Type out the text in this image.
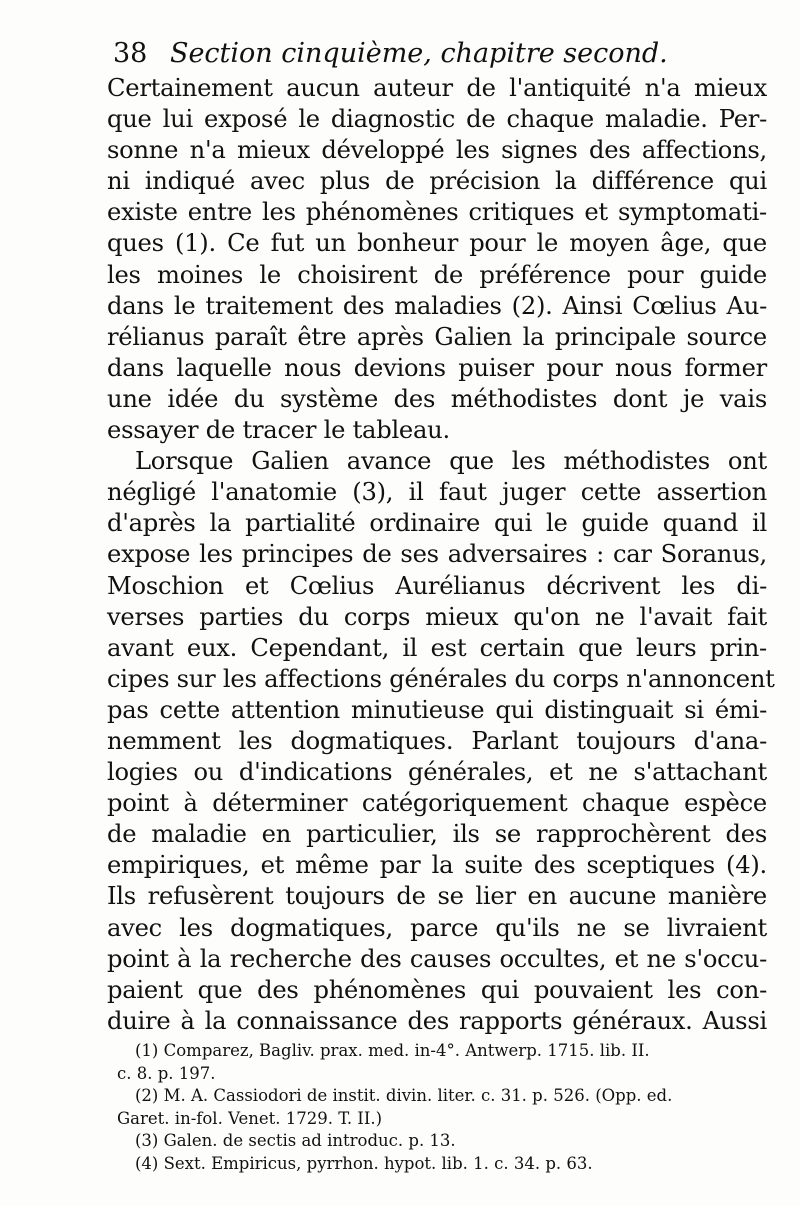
38 Section cinquième, chapitre second.
Certainement aucun auteur de l'antiquité n'a mieux
que lui exposé le diagnostic de chaque maladie. Per-
sonne n'a mieux développé les signes des affections,
ni indiqué avec plus de précision la différence qui
existe entre les phénomènes critiques et symptomati-
ques (1). Ce fut un bonheur pour le moyen âge, que
les moines le choisirent de préférence pour guide
dans le traitement des maladies (2). Ainsi Cœlius Au-
rélianus paraît être après Galien la principale source
dans laquelle nous devions puiser pour nous former
une idée du système des méthodistes dont je vais
essayer de tracer le tableau.
Lorsque Galien avance que les méthodistes ont
négligé l'anatomie (3), il faut juger cette assertion
d'après la partialité ordinaire qui le guide quand il
expose les principes de ses adversaires : car Soranus,
Moschion et Cœlius Aurélianus décrivent les di-
verses parties du corps mieux qu'on ne l'avait fait
avant eux. Cependant, il est certain que leurs prin-
cipes sur les affections générales du corps n'annoncent
pas cette attention minutieuse qui distinguait si émi-
nemment les dogmatiques. Parlant toujours d'ana-
logies ou d'indications générales, et ne s'attachant
point à déterminer catégoriquement chaque espèce
de maladie en particulier, ils se rapprochèrent des
empiriques, et même par la suite des sceptiques (4).
Ils refusèrent toujours de se lier en aucune manière
avec les dogmatiques, parce qu'ils ne se livraient
point à la recherche des causes occultes, et ne s'occu-
paient que des phénomènes qui pouvaient les con-
duire à la connaissance des rapports généraux. Aussi
(1) Comparez, Bagliv. prax. med. in-4°. Antwerp. 1715. lib. II.
c. 8. p. 197.
(2) M. A. Cassiodori de instit. divin. liter. c. 31. p. 526. (Opp. ed.
Garet. in-fol. Venet. 1729. T. II.)
(3) Galen. de sectis ad introduc. p. 13.
(4) Sext. Empiricus, pyrrhon. hypot. lib. 1. c. 34. p. 63.
